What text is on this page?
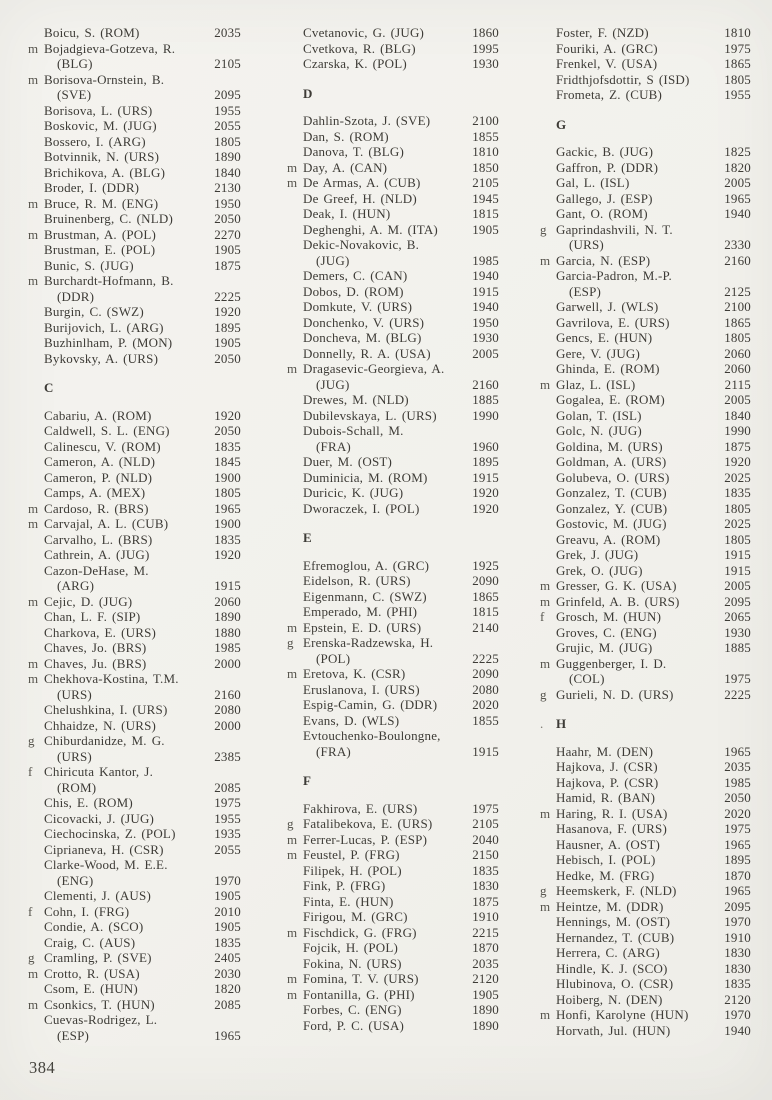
Boicu, S. (ROM)	2035
m Bojadgieva-Gotzeva, R.
(BLG)	2105
m Borisova-Ornstein, B.
(SVE)	2095
Borisova, L. (URS)	1955
Boskovic, M. (JUG)	2055
Bossero, I. (ARG)	1805
Botvinnik, N. (URS)	1890
Brichikova, A. (BLG)	1840
Broder, I. (DDR)	2130
m Bruce, R. M. (ENG)	1950
Bruinenberg, C. (NLD)	2050
m Brustman, A. (POL)	2270
Brustman, E. (POL)	1905
Bunic, S. (JUG)	1875
m Burchardt-Hofmann, B.
(DDR)	2225
Burgin, C. (SWZ)	1920
Burijovich, L. (ARG)	1895
Buzhinlham, P. (MON)	1905
Bykovsky, A. (URS)	2050
C
Cabariu, A. (ROM)	1920
Caldwell, S. L. (ENG)	2050
Calinescu, V. (ROM)	1835
Cameron, A. (NLD)	1845
Cameron, P. (NLD)	1900
Camps, A. (MEX)	1805
m Cardoso, R. (BRS)	1965
m Carvajal, A. L. (CUB)	1900
Carvalho, L. (BRS)	1835
Cathrein, A. (JUG)	1920
Cazon-DeHase, M.
(ARG)	1915
m Cejic, D. (JUG)	2060
Chan, L. F. (SIP)	1890
Charkova, E. (URS)	1880
Chaves, Jo. (BRS)	1985
m Chaves, Ju. (BRS)	2000
m Chekhova-Kostina, T.M.
(URS)	2160
Chelushkina, I. (URS)	2080
Chhaidze, N. (URS)	2000
g Chiburdanidze, M. G.
(URS)	2385
f Chiricuta Kantor, J.
(ROM)	2085
Chis, E. (ROM)	1975
Cicovacki, J. (JUG)	1955
Ciechocinska, Z. (POL)	1935
Ciprianeva, H. (CSR)	2055
Clarke-Wood, M. E.E.
(ENG)	1970
Clementi, J. (AUS)	1905
f Cohn, I. (FRG)	2010
Condie, A. (SCO)	1905
Craig, C. (AUS)	1835
g Cramling, P. (SVE)	2405
m Crotto, R. (USA)	2030
Csom, E. (HUN)	1820
m Csonkics, T. (HUN)	2085
Cuevas-Rodrigez, L.
(ESP)	1965
Cvetanovic, G. (JUG)	1860
Cvetkova, R. (BLG)	1995
Czarska, K. (POL)	1930
D
Dahlin-Szota, J. (SVE)	2100
Dan, S. (ROM)	1855
Danova, T. (BLG)	1810
m Day, A. (CAN)	1850
m De Armas, A. (CUB)	2105
De Greef, H. (NLD)	1945
Deak, I. (HUN)	1815
Deghenghi, A. M. (ITA)	1905
Dekic-Novakovic, B.
(JUG)	1985
Demers, C. (CAN)	1940
Dobos, D. (ROM)	1915
Domkute, V. (URS)	1940
Donchenko, V. (URS)	1950
Doncheva, M. (BLG)	1930
Donnelly, R. A. (USA)	2005
m Dragasevic-Georgieva, A.
(JUG)	2160
Drewes, M. (NLD)	1885
Dubilevskaya, L. (URS)	1990
Dubois-Schall, M.
(FRA)	1960
Duer, M. (OST)	1895
Duminicia, M. (ROM)	1915
Duricic, K. (JUG)	1920
Dworaczek, I. (POL)	1920
E
Efremoglou, A. (GRC)	1925
Eidelson, R. (URS)	2090
Eigenmann, C. (SWZ)	1865
Emperado, M. (PHI)	1815
m Epstein, E. D. (URS)	2140
g Erenska-Radzewska, H.
(POL)	2225
m Eretova, K. (CSR)	2090
Eruslanova, I. (URS)	2080
Espig-Camin, G. (DDR)	2020
Evans, D. (WLS)	1855
Evtouchenko-Boulongne,
(FRA)	1915
F
Fakhirova, E. (URS)	1975
g Fatalibekova, E. (URS)	2105
m Ferrer-Lucas, P. (ESP)	2040
m Feustel, P. (FRG)	2150
Filipek, H. (POL)	1835
Fink, P. (FRG)	1830
Finta, E. (HUN)	1875
Firigou, M. (GRC)	1910
m Fischdick, G. (FRG)	2215
Fojcik, H. (POL)	1870
Fokina, N. (URS)	2035
m Fomina, T. V. (URS)	2120
m Fontanilla, G. (PHI)	1905
Forbes, C. (ENG)	1890
Ford, P. C. (USA)	1890
Foster, F. (NZD)	1810
Fouriki, A. (GRC)	1975
Frenkel, V. (USA)	1865
Fridthjofsdottir, S (ISD)	1805
Frometa, Z. (CUB)	1955
G
Gackic, B. (JUG)	1825
Gaffron, P. (DDR)	1820
Gal, L. (ISL)	2005
Gallego, J. (ESP)	1965
Gant, O. (ROM)	1940
g Gaprindashvili, N. T.
(URS)	2330
m Garcia, N. (ESP)	2160
Garcia-Padron, M.-P.
(ESP)	2125
Garwell, J. (WLS)	2100
Gavrilova, E. (URS)	1865
Gencs, E. (HUN)	1805
Gere, V. (JUG)	2060
Ghinda, E. (ROM)	2060
m Glaz, L. (ISL)	2115
Gogalea, E. (ROM)	2005
Golan, T. (ISL)	1840
Golc, N. (JUG)	1990
Goldina, M. (URS)	1875
Goldman, A. (URS)	1920
Golubeva, O. (URS)	2025
Gonzalez, T. (CUB)	1835
Gonzalez, Y. (CUB)	1805
Gostovic, M. (JUG)	2025
Greavu, A. (ROM)	1805
Grek, J. (JUG)	1915
Grek, O. (JUG)	1915
m Gresser, G. K. (USA)	2005
m Grinfeld, A. B. (URS)	2095
f Grosch, M. (HUN)	2065
Groves, C. (ENG)	1930
Grujic, M. (JUG)	1885
m Guggenberger, I. D.
(COL)	1975
g Gurieli, N. D. (URS)	2225
. H
Haahr, M. (DEN)	1965
Hajkova, J. (CSR)	2035
Hajkova, P. (CSR)	1985
Hamid, R. (BAN)	2050
m Haring, R. I. (USA)	2020
Hasanova, F. (URS)	1975
Hausner, A. (OST)	1965
Hebisch, I. (POL)	1895
Hedke, M. (FRG)	1870
g Heemskerk, F. (NLD)	1965
m Heintze, M. (DDR)	2095
Hennings, M. (OST)	1970
Hernandez, T. (CUB)	1910
Herrera, C. (ARG)	1830
Hindle, K. J. (SCO)	1830
Hlubinova, O. (CSR)	1835
Hoiberg, N. (DEN)	2120
m Honfi, Karolyne (HUN)	1970
Horvath, Jul. (HUN)	1940
384
